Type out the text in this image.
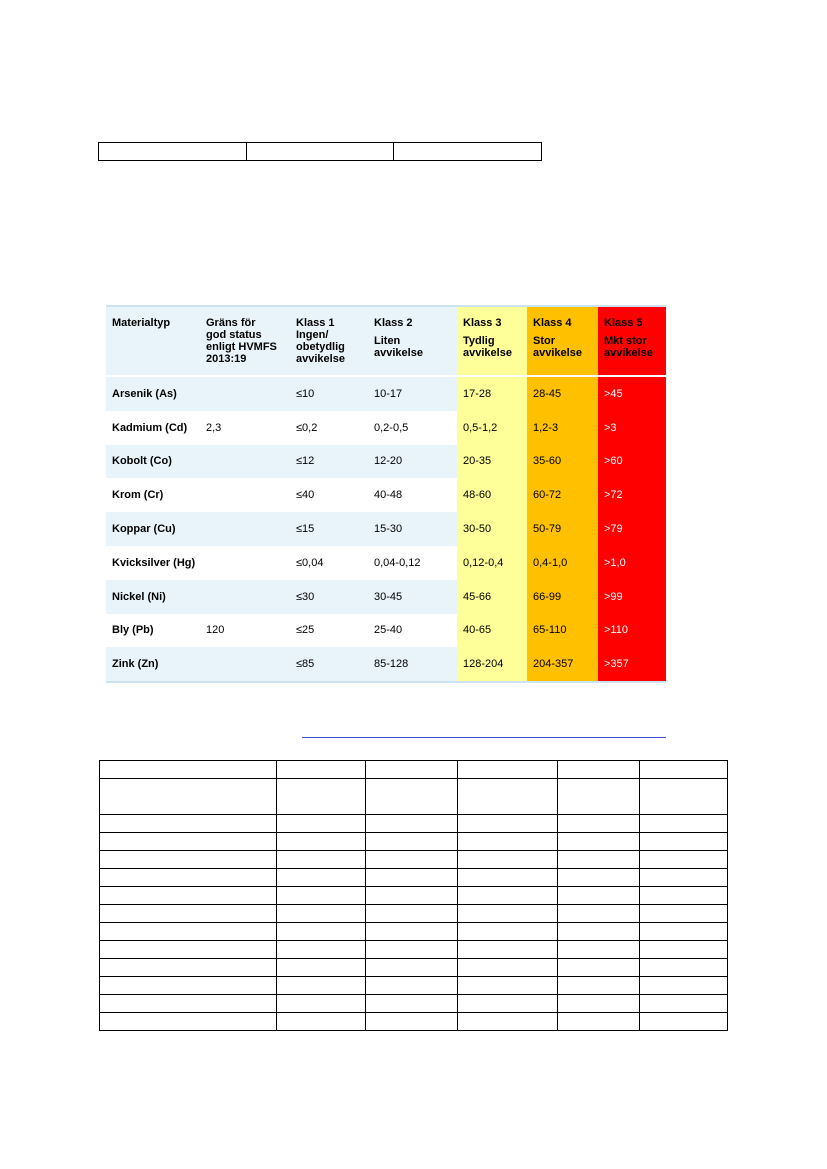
Materialtyp	Gräns för
god status
enligt HVMFS
2013:19	Klass 1
Ingen/
obetydlig
avvikelse	Klass 2
Liten
avvikelse	Klass 3
Tydlig
avvikelse	Klass 4
Stor
avvikelse	Klass 5
Mkt stor
avvikelse

Arsenik (As)		≤10	10-17	17-28	28-45	>45
Kadmium (Cd)	2,3	≤0,2	0,2-0,5	0,5-1,2	1,2-3	>3
Kobolt (Co)		≤12	12-20	20-35	35-60	>60
Krom (Cr)		≤40	40-48	48-60	60-72	>72
Koppar (Cu)		≤15	15-30	30-50	50-79	>79
Kvicksilver (Hg)		≤0,04	0,04-0,12	0,12-0,4	0,4-1,0	>1,0
Nickel (Ni)		≤30	30-45	45-66	66-99	>99
Bly (Pb)	120	≤25	25-40	40-65	65-110	>110
Zink (Zn)		≤85	85-128	128-204	204-357	>357
